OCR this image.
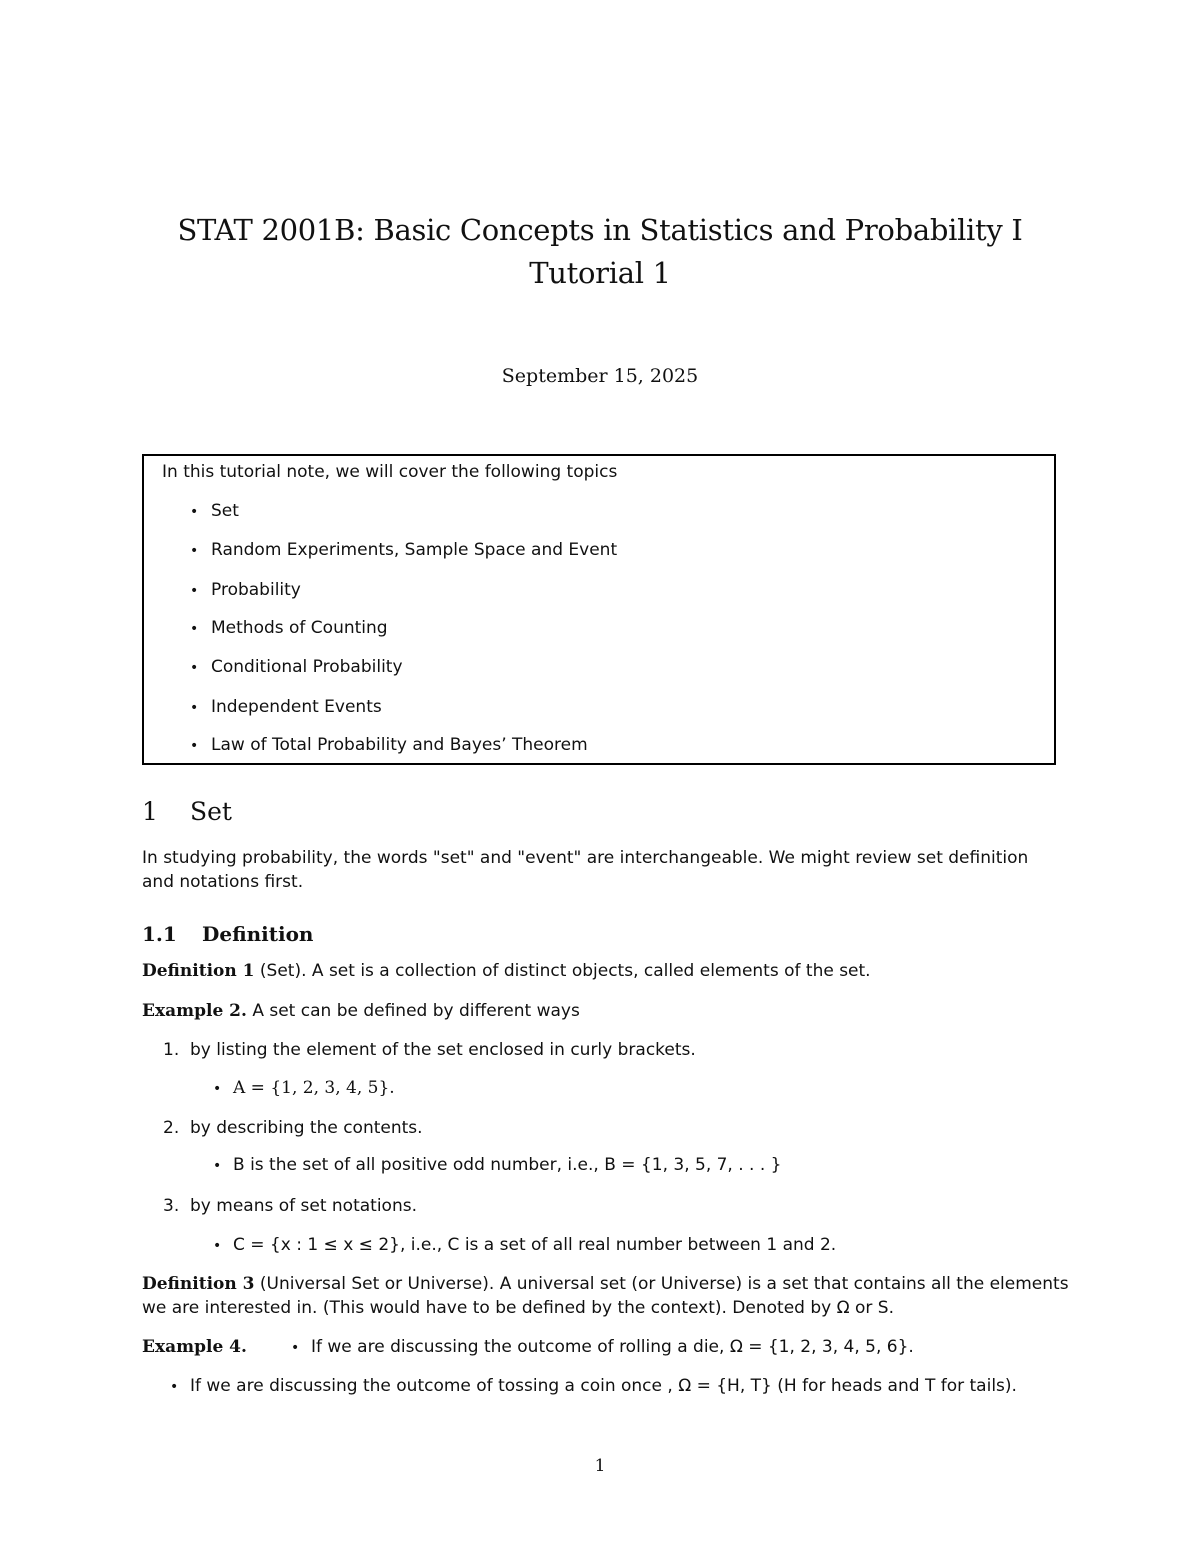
STAT 2001B: Basic Concepts in Statistics and Probability I
Tutorial 1
September 15, 2025
In this tutorial note, we will cover the following topics
• Set
• Random Experiments, Sample Space and Event
• Probability
• Methods of Counting
• Conditional Probability
• Independent Events
• Law of Total Probability and Bayes’ Theorem
1 Set
In studying probability, the words "set" and "event" are interchangeable. We might review set definition
and notations first.
1.1 Definition
Definition 1 (Set). A set is a collection of distinct objects, called elements of the set.
Example 2. A set can be defined by different ways
1. by listing the element of the set enclosed in curly brackets.
• A = {1, 2, 3, 4, 5}.
2. by describing the contents.
• B is the set of all positive odd number, i.e., B = {1, 3, 5, 7, . . . }
3. by means of set notations.
• C = {x : 1 ≤ x ≤ 2}, i.e., C is a set of all real number between 1 and 2.
Definition 3 (Universal Set or Universe). A universal set (or Universe) is a set that contains all the elements
we are interested in. (This would have to be defined by the context). Denoted by Ω or S.
Example 4.	• If we are discussing the outcome of rolling a die, Ω = {1, 2, 3, 4, 5, 6}.
• If we are discussing the outcome of tossing a coin once , Ω = {H, T} (H for heads and T for tails).
1
